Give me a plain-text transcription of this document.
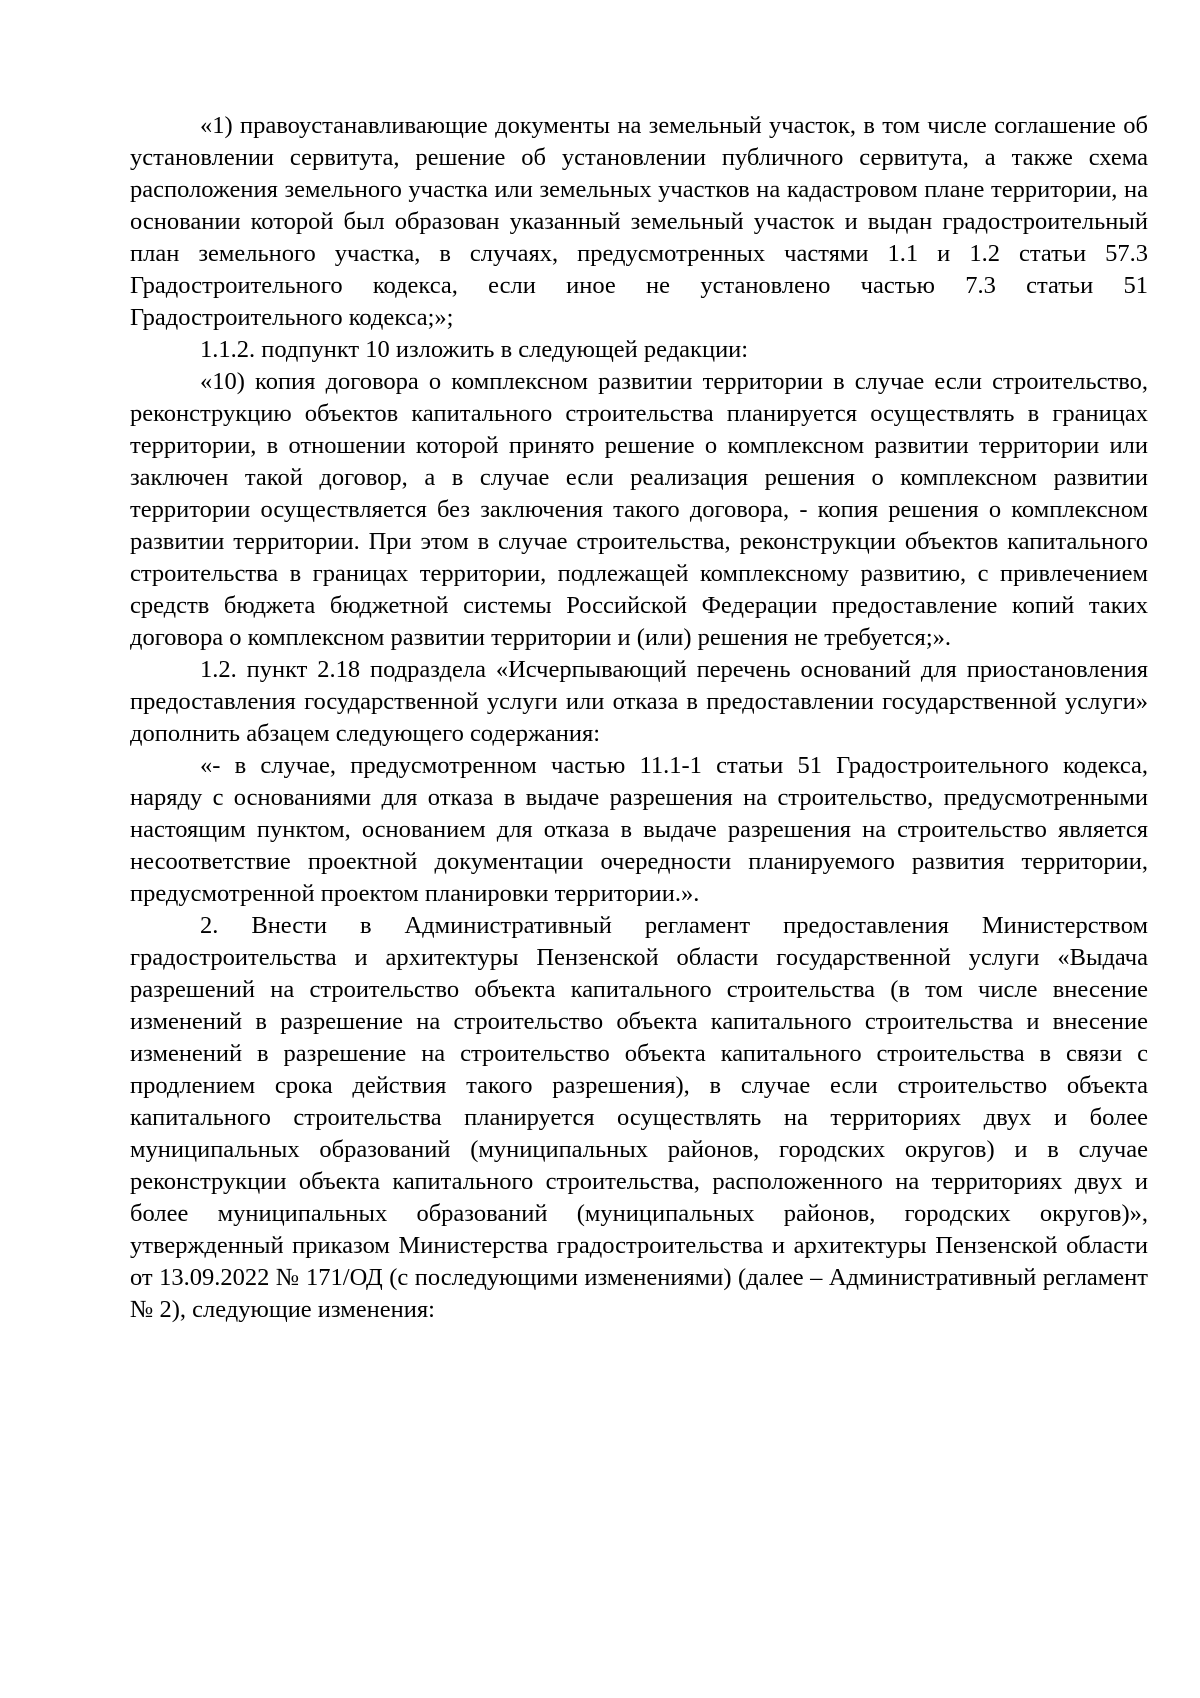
«1) правоустанавливающие документы на земельный участок, в том числе соглашение об установлении сервитута, решение об установлении публичного сервитута, а также схема расположения земельного участка или земельных участков на кадастровом плане территории, на основании которой был образован указанный земельный участок и выдан градостроительный план земельного участка, в случаях, предусмотренных частями 1.1 и 1.2 статьи 57.3 Градостроительного кодекса, если иное не установлено частью 7.3 статьи 51 Градостроительного кодекса;»;

1.1.2. подпункт 10 изложить в следующей редакции:

«10) копия договора о комплексном развитии территории в случае если строительство, реконструкцию объектов капитального строительства планируется осуществлять в границах территории, в отношении которой принято решение о комплексном развитии территории или заключен такой договор, а в случае если реализация решения о комплексном развитии территории осуществляется без заключения такого договора, - копия решения о комплексном развитии территории. При этом в случае строительства, реконструкции объектов капитального строительства в границах территории, подлежащей комплексному развитию, с привлечением средств бюджета бюджетной системы Российской Федерации предоставление копий таких договора о комплексном развитии территории и (или) решения не требуется;».

1.2. пункт 2.18 подраздела «Исчерпывающий перечень оснований для приостановления предоставления государственной услуги или отказа в предоставлении государственной услуги» дополнить абзацем следующего содержания:

«- в случае, предусмотренном частью 11.1-1 статьи 51 Градостроительного кодекса, наряду с основаниями для отказа в выдаче разрешения на строительство, предусмотренными настоящим пунктом, основанием для отказа в выдаче разрешения на строительство является несоответствие проектной документации очередности планируемого развития территории, предусмотренной проектом планировки территории.».

2. Внести в Административный регламент предоставления Министерством градостроительства и архитектуры Пензенской области государственной услуги «Выдача разрешений на строительство объекта капитального строительства (в том числе внесение изменений в разрешение на строительство объекта капитального строительства и внесение изменений в разрешение на строительство объекта капитального строительства в связи с продлением срока действия такого разрешения), в случае если строительство объекта капитального строительства планируется осуществлять на территориях двух и более муниципальных образований (муниципальных районов, городских округов) и в случае реконструкции объекта капитального строительства, расположенного на территориях двух и более муниципальных образований (муниципальных районов, городских округов)», утвержденный приказом Министерства градостроительства и архитектуры Пензенской области от 13.09.2022 № 171/ОД (с последующими изменениями) (далее – Административный регламент № 2), следующие изменения:
